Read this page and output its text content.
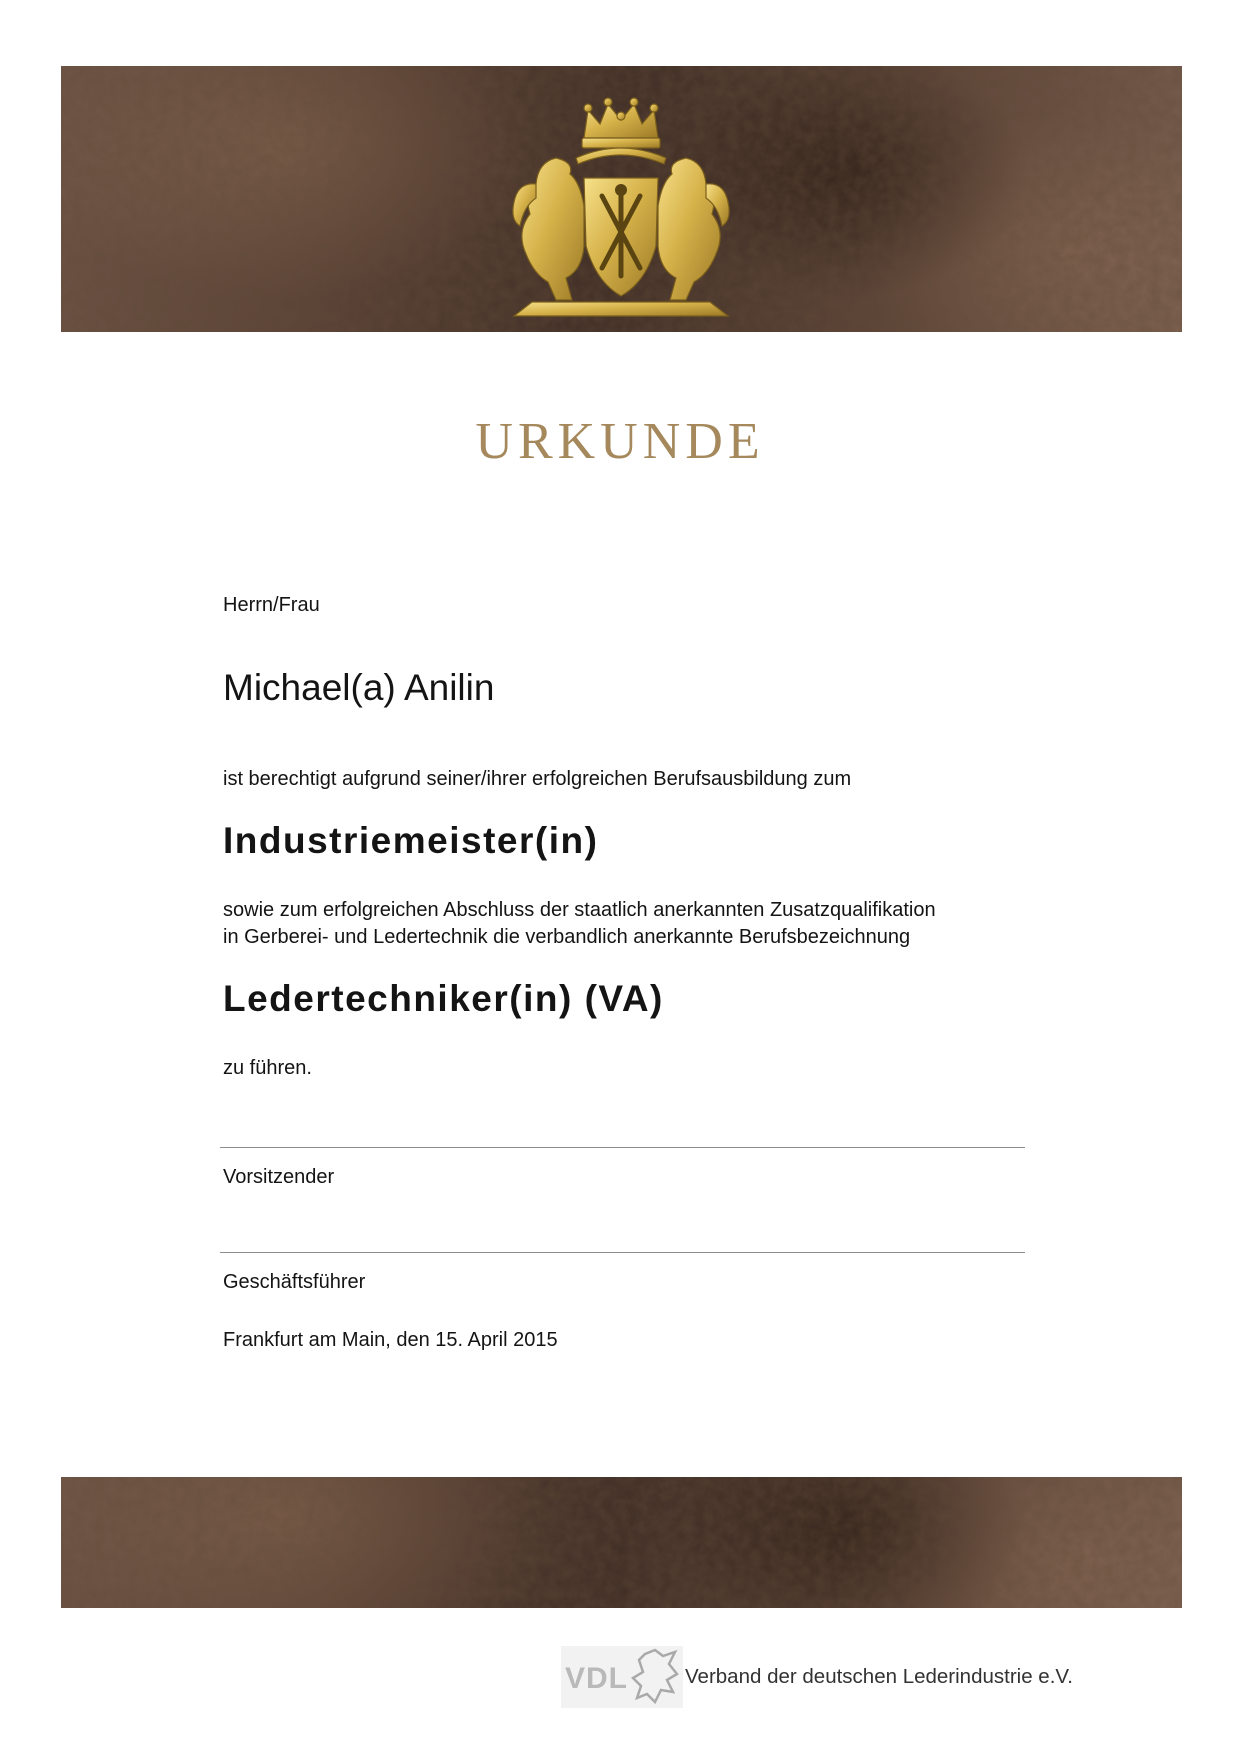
URKUNDE

Herrn/Frau

Michael(a) Anilin

ist berechtigt aufgrund seiner/ihrer erfolgreichen Berufsausbildung zum

Industriemeister(in)

sowie zum erfolgreichen Abschluss der staatlich anerkannten Zusatzqualifikation
in Gerberei- und Ledertechnik die verbandlich anerkannte Berufsbezeichnung

Ledertechniker(in) (VA)

zu führen.

Vorsitzender

Geschäftsführer

Frankfurt am Main, den 15. April 2015

VDL	Verband der deutschen Lederindustrie e.V.
